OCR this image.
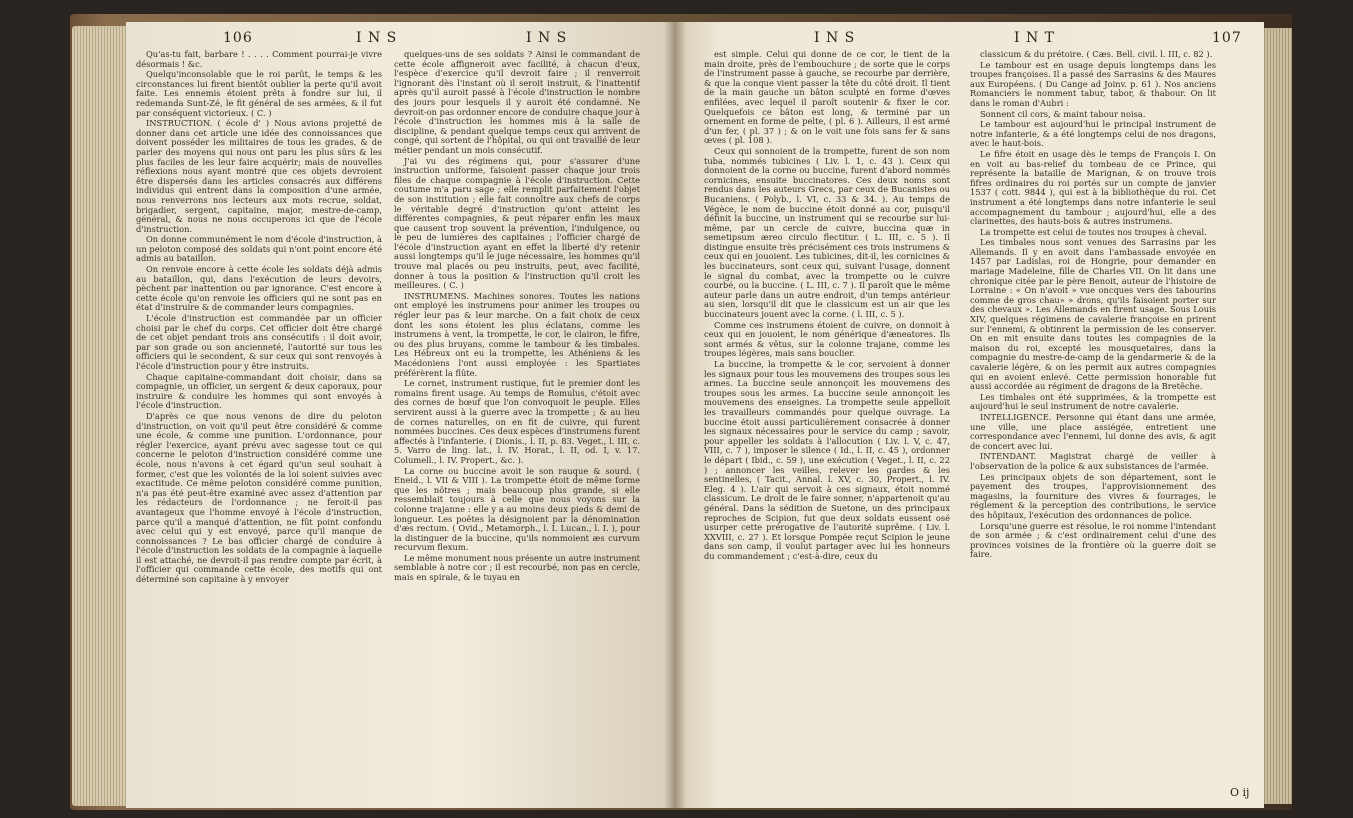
106	I N S	I N S

Qu'as-tu fait, barbare ! . . . . Comment pourrai-je vivre désormais ! &c.

Quelqu'inconsolable que le roi parût, le temps & les circonstances lui firent bientôt oublier la perte qu'il avoit faite. Les ennemis étoient prêts à fondre sur lui, il redemanda Sunt-Zé, le fit général de ses armées, & il fut par conséquent victorieux. ( C. )

INSTRUCTION. ( école d' ) Nous avions projetté de donner dans cet article une idée des connoissances que doivent posséder les militaires de tous les grades, & de parler des moyens qui nous ont paru les plus sûrs & les plus faciles de les leur faire acquérir; mais de nouvelles réflexions nous ayant montré que ces objets devroient être dispersés dans les articles consacrés aux différens individus qui entrent dans la composition d'une armée, nous renverrons nos lecteurs aux mots recrue, soldat, brigadier, sergent, capitaine, major, mestre-de-camp, général, & nous ne nous occuperons ici que de l'école d'instruction.

On donne communément le nom d'école d'instruction, à un peloton composé des soldats qui n'ont point encore été admis au bataillon.

On renvoie encore à cette école les soldats déjà admis au bataillon, qui, dans l'exécution de leurs devoirs, pèchent par inattention ou par ignorance. C'est encore à cette école qu'on renvoie les officiers qui ne sont pas en état d'instruire & de commander leurs compagnies.

L'école d'instruction est commandée par un officier choisi par le chef du corps. Cet officier doit être chargé de cet objet pendant trois ans consécutifs : il doit avoir, par son grade ou son ancienneté, l'autorité sur tous les officiers qui le secondent, & sur ceux qui sont renvoyés à l'école d'instruction pour y être instruits.

Chaque capitaine-commandant doit choisir, dans sa compagnie, un officier, un sergent & deux caporaux, pour instruire & conduire les hommes qui sont envoyés à l'école d'instruction.

D'après ce que nous venons de dire du peloton d'instruction, on voit qu'il peut être considéré & comme une école, & comme une punition. L'ordonnance, pour régler l'exercice, ayant prévu avec sagesse tout ce qui concerne le peloton d'instruction considéré comme une école, nous n'avons à cet égard qu'un seul souhait à former, c'est que les volontés de la loi soient suivies avec exactitude. Ce même peloton considéré comme punition, n'a pas été peut-être examiné avec assez d'attention par les rédacteurs de l'ordonnance ; ne feroit-il pas avantageux que l'homme envoyé à l'école d'instruction, parce qu'il a manqué d'attention, ne fût point confondu avec celui qui y est envoyé, parce qu'il manque de connoissances ? Le bas officier chargé de conduire à l'école d'instruction les soldats de la compagnie à laquelle il est attaché, ne devroit-il pas rendre compte par écrit, à l'officier qui commande cette école, des motifs qui ont déterminé son capitaine à y envoyer

quelques-uns de ses soldats ? Ainsi le commandant de cette école affigneroit avec facilité, à chacun d'eux, l'espèce d'exercice qu'il devroit faire ; il renverroit l'ignorant dès l'instant où il seroit instruit, & l'inattentif après qu'il auroit passé à l'école d'instruction le nombre des jours pour lesquels il y auroit été condamné. Ne devroit-on pas ordonner encore de conduire chaque jour à l'école d'instruction les hommes mis à la salle de discipline, & pendant quelque temps ceux qui arrivent de congé, qui sortent de l'hôpital, ou qui ont travaillé de leur métier pendant un mois consécutif.

J'ai vu des régimens qui, pour s'assurer d'une instruction uniforme, faisoient passer chaque jour trois files de chaque compagnie à l'école d'instruction. Cette coutume m'a paru sage ; elle remplit parfaitement l'objet de son institution ; elle fait connoître aux chefs de corps le véritable degré d'instruction qu'ont atteint les différentes compagnies, & peut réparer enfin les maux que causent trop souvent la prévention, l'indulgence, ou le peu de lumières des capitaines ; l'officier chargé de l'école d'instruction ayant en effet la liberté d'y retenir aussi longtemps qu'il le juge nécessaire, les hommes qu'il trouve mal placés ou peu instruits, peut, avec facilité, donner à tous la position & l'instruction qu'il croit les meilleures. ( C. )

INSTRUMENS. Machines sonores. Toutes les nations ont employé les instrumens pour animer les troupes ou régler leur pas & leur marche. On a fait choix de ceux dont les sons étoient les plus éclatans, comme les instrumens à vent, la trompette, le cor, le clairon, le fifre, ou des plus bruyans, comme le tambour & les timbales. Les Hébreux ont eu la trompette, les Athéniens & les Macédoniens l'ont aussi employée : les Spartiates préférèrent la flûte.

Le cornet, instrument rustique, fut le premier dont les romains firent usage. Au temps de Romulus, c'étoit avec des cornes de bœuf que l'on convoquoit le peuple. Elles servirent aussi à la guerre avec la trompette ; & au lieu de cornes naturelles, on en fit de cuivre, qui furent nommées buccines. Ces deux espèces d'instrumens furent affectés à l'infanterie. ( Dionis., l. II, p. 83. Veget., l. III, c. 5. Varro de ling. lat., l. IV. Horat., l. II, od. I, v. 17. Columell., l. IV. Propert., &c. ).

La corne ou buccine avoit le son rauque & sourd. ( Eneid., l. VII & VIII ). La trompette étoit de même forme que les nôtres ; mais beaucoup plus grande, si elle ressemblait toujours à celle que nous voyons sur la colonne trajanne : elle y a au moins deux pieds & demi de longueur. Les poëtes la désignoient par la dénomination d'æs rectum. ( Ovid., Metamorph., l. I. Lucan., l. I. ), pour la distinguer de la buccine, qu'ils nommoient æs curvum recurvum flexum.

Le même monument nous présente un autre instrument semblable à notre cor ; il est recourbé, non pas en cercle, mais en spirale, & le tuyau en

I N S	I N T	107

est simple. Celui qui donne de ce cor, le tient de la main droite, près de l'embouchure ; de sorte que le corps de l'instrument passe à gauche, se recourbe par derrière, & que la conque vient passer la tête du côté droit. Il tient de la main gauche un bâton sculpté en forme d'œves enfilées, avec lequel il paroît soutenir & fixer le cor. Quelquefois ce bâton est long, & terminé par un ornement en forme de pelte, ( pl. 6 ). Ailleurs, il est armé d'un fer, ( pl. 37 ) ; & on le voit une fois sans fer & sans œves ( pl. 108 ).

Ceux qui sonnoient de la trompette, furent de son nom tuba, nommés tubicines ( Liv. l. 1, c. 43 ). Ceux qui donnoient de la corne ou buccine, furent d'abord nommés cornicines, ensuite buccinatores. Ces deux noms sont rendus dans les auteurs Grecs, par ceux de Bucanistes ou Bucaniens. ( Polyb., l. VI, c. 33 & 34. ). Au temps de Végèce, le nom de buccine étoit donné au cor, puisqu'il définit la buccine, un instrument qui se recourbe sur lui-même, par un cercle de cuivre, buccina quæ in semetipsum æreo circulo flectitur. ( L. III, c. 5 ). Il distingue ensuite très précisément ces trois instrumens & ceux qui en jouoient. Les tubicines, dit-il, les cornicines & les buccinateurs, sont ceux qui, suivant l'usage, donnent le signal du combat, avec la trompette ou le cuivre courbé, ou la buccine. ( L. III, c. 7 ). Il paroît que le même auteur parle dans un autre endroit, d'un temps antérieur au sien, lorsqu'il dit que le classicum est un air que les buccinateurs jouent avec la corne. ( l. III, c. 5 ).

Comme ces instrumens étoient de cuivre, on donnoit à ceux qui en jouoient, le nom générique d'æneatores. Ils sont armés & vêtus, sur la colonne trajane, comme les troupes légères, mais sans bouclier.

La buccine, la trompette & le cor, servoient à donner les signaux pour tous les mouvemens des troupes sous les armes. La buccine seule annonçoit les mouvemens des troupes sous les armes. La buccine seule annonçoit les mouvemens des enseignes. La trompette seule appelloit les travailleurs commandés pour quelque ouvrage. La buccine étoit aussi particulièrement consacrée à donner les signaux nécessaires pour le service du camp ; savoir, pour appeller les soldats à l'allocution ( Liv. l. V, c. 47, VIII, c. 7 ), imposer le silence ( Id., l. II, c. 45 ), ordonner le départ ( Ibid., c. 59 ), une exécution ( Veget., l. II, c. 22 ) ; annoncer les veilles, relever les gardes & les sentinelles, ( Tacit., Annal. l. XV, c. 30, Propert., l. IV. Eleg. 4 ). L'air qui servoit à ces signaux, étoit nommé classicum. Le droit de le faire sonner, n'appartenoit qu'au général. Dans la sédition de Suetone, un des principaux reproches de Scipion, fut que deux soldats eussent osé usurper cette prérogative de l'autorité suprême. ( Liv. l. XXVIII, c. 27 ). Et lorsque Pompée reçut Scipion le jeune dans son camp, il voulut partager avec lui les honneurs du commandement ; c'est-à-dire, ceux du

classicum & du prétoire. ( Cæs. Bell. civil. l. III, c. 82 ).

Le tambour est en usage depuis longtemps dans les troupes françoises. Il a passé des Sarrasins & des Maures aux Européens. ( Du Cange ad Joinv. p. 61 ). Nos anciens Romanciers le nomment tabur, tabor, & thabour. On lit dans le roman d'Aubri :

Sonnent cil cors, & maint tabour noisa.

Le tambour est aujourd'hui le principal instrument de notre infanterie, & a été longtemps celui de nos dragons, avec le haut-bois.

Le fifre étoit en usage dès le temps de François I. On en voit au bas-relief du tombeau de ce Prince, qui représente la bataille de Marignan, & on trouve trois fifres ordinaires du roi portés sur un compte de janvier 1537 ( cott. 9844 ), qui est à la bibliothèque du roi. Cet instrument a été longtemps dans notre infanterie le seul accompagnement du tambour ; aujourd'hui, elle a des clarinettes, des hauts-bois & autres instrumens.

La trompette est celui de toutes nos troupes à cheval.

Les timbales nous sont venues des Sarrasins par les Allemands. Il y en avoit dans l'ambassade envoyée en 1457 par Ladislas, roi de Hongrie, pour demander en mariage Madeleine, fille de Charles VII. On lit dans une chronique citée par le père Benoit, auteur de l'histoire de Lorraine : « On n'avoit » vue oncques vers des tabourins comme de gros chau» » drons, qu'ils faisoient porter sur des chevaux ». Les Allemands en firent usage. Sous Louis XIV, quelques régimens de cavalerie françoise en prirent sur l'ennemi, & obtinrent la permission de les conserver. On en mit ensuite dans toutes les compagnies de la maison du roi, excepté les mousquetaires, dans la compagnie du mestre-de-camp de la gendarmerie & de la cavalerie légère, & on les permit aux autres compagnies qui en avoient enlevé. Cette permission honorable fut aussi accordée au régiment de dragons de la Bretêche.

Les timbales ont été supprimées, & la trompette est aujourd'hui le seul instrument de notre cavalerie.

INTELLIGENCE. Personne qui étant dans une armée, une ville, une place assiégée, entretient une correspondance avec l'ennemi, lui donne des avis, & agit de concert avec lui.

INTENDANT. Magistrat chargé de veiller à l'observation de la police & aux subsistances de l'armée.

Les principaux objets de son département, sont le payement des troupes, l'approvisionnement des magasins, la fourniture des vivres & fourrages, le réglement & la perception des contributions, le service des hôpitaux, l'exécution des ordonnances de police.

Lorsqu'une guerre est résolue, le roi nomme l'intendant de son armée ; & c'est ordinairement celui d'une des provinces voisines de la frontière où la guerre doit se faire.

O ij
